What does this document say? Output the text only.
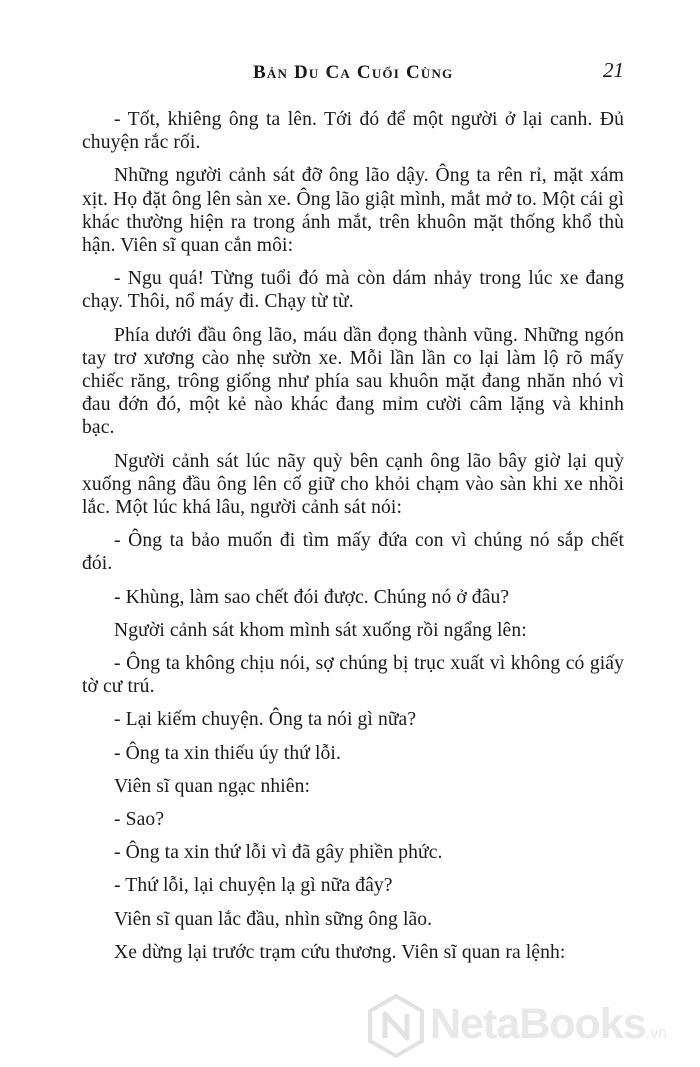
Bản Du Ca Cuối Cùng	21

- Tốt, khiêng ông ta lên. Tới đó để một người ở lại canh. Đủ chuyện rắc rối.

Những người cảnh sát đỡ ông lão dậy. Ông ta rên rỉ, mặt xám xịt. Họ đặt ông lên sàn xe. Ông lão giật mình, mắt mở to. Một cái gì khác thường hiện ra trong ánh mắt, trên khuôn mặt thống khổ thù hận. Viên sĩ quan cắn môi:

- Ngu quá! Từng tuổi đó mà còn dám nhảy trong lúc xe đang chạy. Thôi, nổ máy đi. Chạy từ từ.

Phía dưới đầu ông lão, máu dần đọng thành vũng. Những ngón tay trơ xương cào nhẹ sườn xe. Mỗi lần lần co lại làm lộ rõ mấy chiếc răng, trông giống như phía sau khuôn mặt đang nhăn nhó vì đau đớn đó, một kẻ nào khác đang mỉm cười câm lặng và khinh bạc.

Người cảnh sát lúc nãy quỳ bên cạnh ông lão bây giờ lại quỳ xuống nâng đầu ông lên cố giữ cho khỏi chạm vào sàn khi xe nhồi lắc. Một lúc khá lâu, người cảnh sát nói:

- Ông ta bảo muốn đi tìm mấy đứa con vì chúng nó sắp chết đói.

- Khùng, làm sao chết đói được. Chúng nó ở đâu?

Người cảnh sát khom mình sát xuống rồi ngẩng lên:

- Ông ta không chịu nói, sợ chúng bị trục xuất vì không có giấy tờ cư trú.

- Lại kiếm chuyện. Ông ta nói gì nữa?

- Ông ta xin thiếu úy thứ lỗi.

Viên sĩ quan ngạc nhiên:

- Sao?

- Ông ta xin thứ lỗi vì đã gây phiền phức.

- Thứ lỗi, lại chuyện lạ gì nữa đây?

Viên sĩ quan lắc đầu, nhìn sững ông lão.

Xe dừng lại trước trạm cứu thương. Viên sĩ quan ra lệnh:

NetaBooks.vn
